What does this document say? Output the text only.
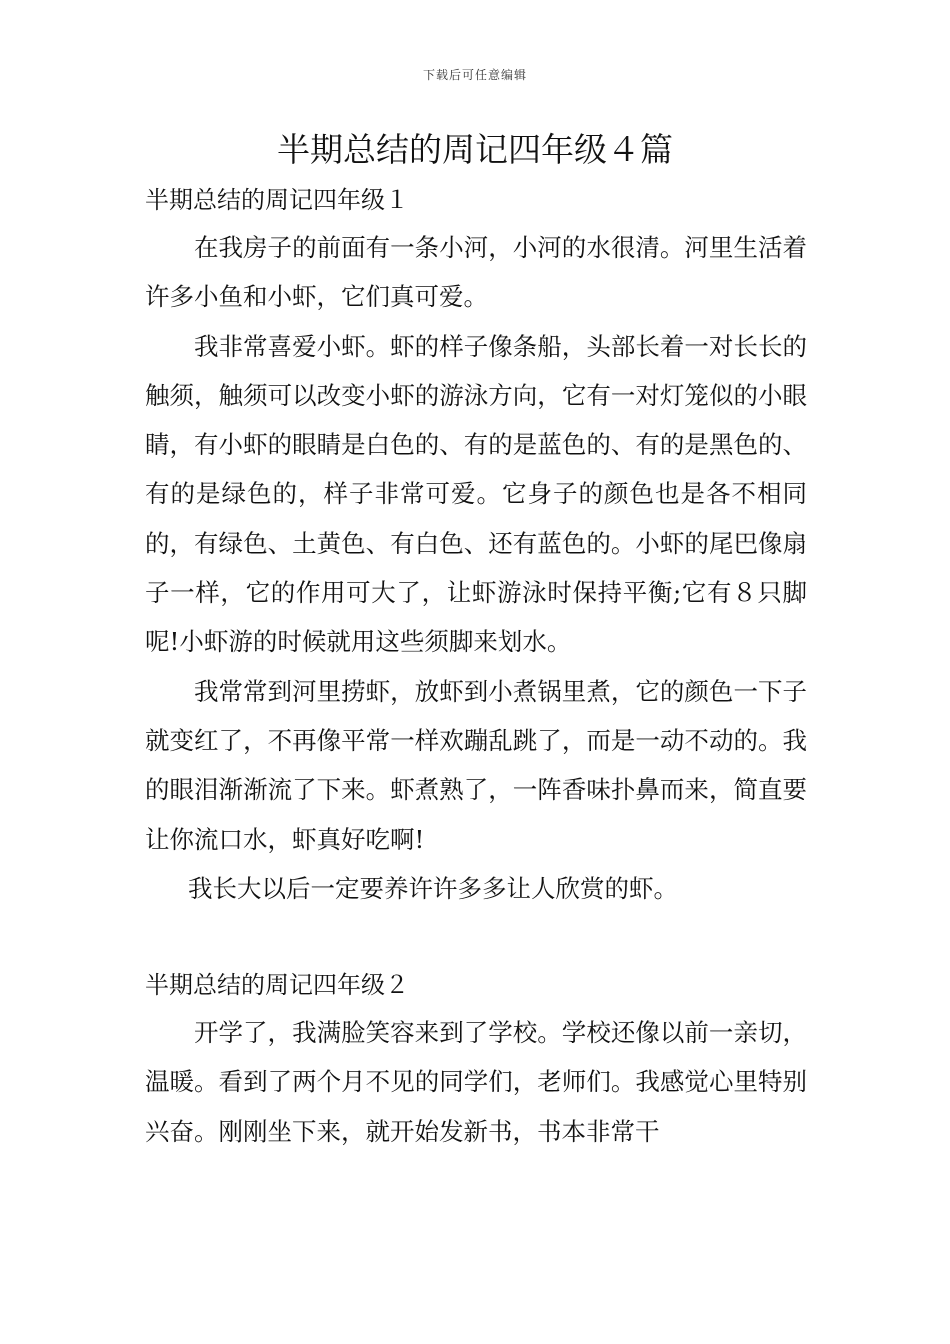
下载后可任意编辑
半期总结的周记四年级４篇
半期总结的周记四年级１

在我房子的前面有一条小河，小河的水很清。河里生活着许多小鱼和小虾，它们真可爱。

我非常喜爱小虾。虾的样子像条船，头部长着一对长长的触须，触须可以改变小虾的游泳方向，它有一对灯笼似的小眼睛，有小虾的眼睛是白色的、有的是蓝色的、有的是黑色的、有的是绿色的，样子非常可爱。它身子的颜色也是各不相同的，有绿色、土黄色、有白色、还有蓝色的。小虾的尾巴像扇子一样，它的作用可大了，让虾游泳时保持平衡;它有８只脚呢!小虾游的时候就用这些须脚来划水。

我常常到河里捞虾，放虾到小煮锅里煮，它的颜色一下子就变红了，不再像平常一样欢蹦乱跳了，而是一动不动的。我的眼泪渐渐流了下来。虾煮熟了，一阵香味扑鼻而来，简直要让你流口水，虾真好吃啊!

我长大以后一定要养许许多多让人欣赏的虾。

半期总结的周记四年级２

开学了，我满脸笑容来到了学校。学校还像以前一亲切，温暖。看到了两个月不见的同学们，老师们。我感觉心里特别兴奋。刚刚坐下来，就开始发新书，书本非常干
